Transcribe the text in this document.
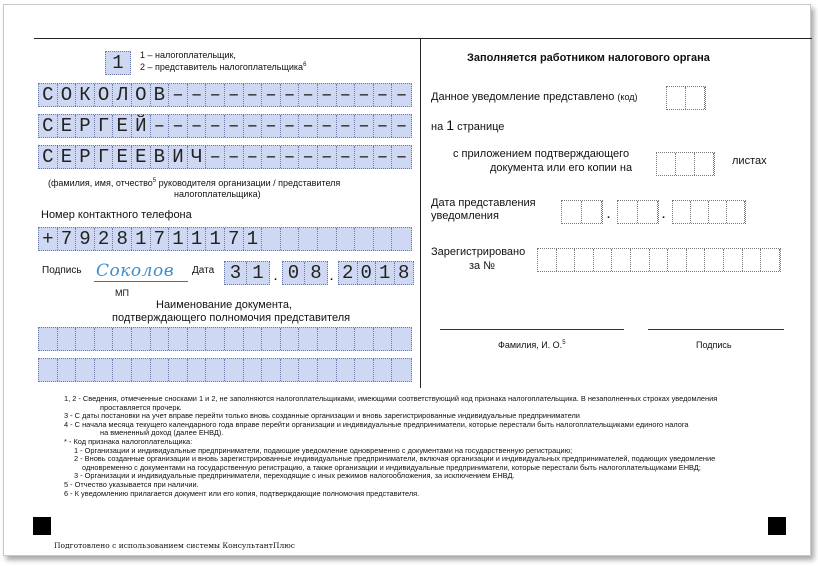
1	1 – налогоплательщик,
2 – представитель налогоплательщика$^6$
С О К О Л О В – – – – – – – – – – – – –
С Е Р Г Е Й – – – – – – – – – – – – – –
С Е Р Г Е Е В И Ч – – – – – – – – – – –
(фамилия, имя, отчество$^5$ руководителя организации / представителя
налогоплательщика)
Номер контактного телефона
+ 7 9 2 8 1 7 1 1 1 7 1
Подпись Соколов	Дата 3 1 . 0 8 . 2 0 1 8
МП
Наименование документа,
подтверждающего полномочия представителя
Заполняется работником налогового органа
Данное уведомление представлено (код)
на 1 странице
с приложением подтверждающего
документа или его копии на
листах
Дата представления
уведомления	.	.
Зарегистрировано
за №
Фамилия, И. О.$^5$	Подпись
1, 2 - Сведения, отмеченные сносками 1 и 2, не заполняются налогоплательщиками, имеющими соответствующий код признака налогоплательщика. В незаполненных строках уведомления
проставляется прочерк.
3 - С даты постановки на учет вправе перейти только вновь созданные организации и вновь зарегистрированные индивидуальные предприниматели
4 - С начала месяца текущего календарного года вправе перейти организации и индивидуальные предприниматели, которые перестали быть налогоплательщиками единого налога
на вмененный доход (далее ЕНВД).
* - Код признака налогоплательщика:
1 - Организации и индивидуальные предприниматели, подающие уведомление одновременно с документами на государственную регистрацию;
2 - Вновь созданные организации и вновь зарегистрированные индивидуальные предприниматели, включая организации и индивидуальных предпринимателей, подающих уведомление
одновременно с документами на государственную регистрацию, а также организации и индивидуальные предприниматели, которые перестали быть налогоплательщиками ЕНВД;
3 - Организации и индивидуальные предприниматели, переходящие с иных режимов налогообложения, за исключением ЕНВД.
5 - Отчество указывается при наличии.
6 - К уведомлению прилагается документ или его копия, подтверждающие полномочия представителя.
Подготовлено с использованием системы КонсультантПлюс
